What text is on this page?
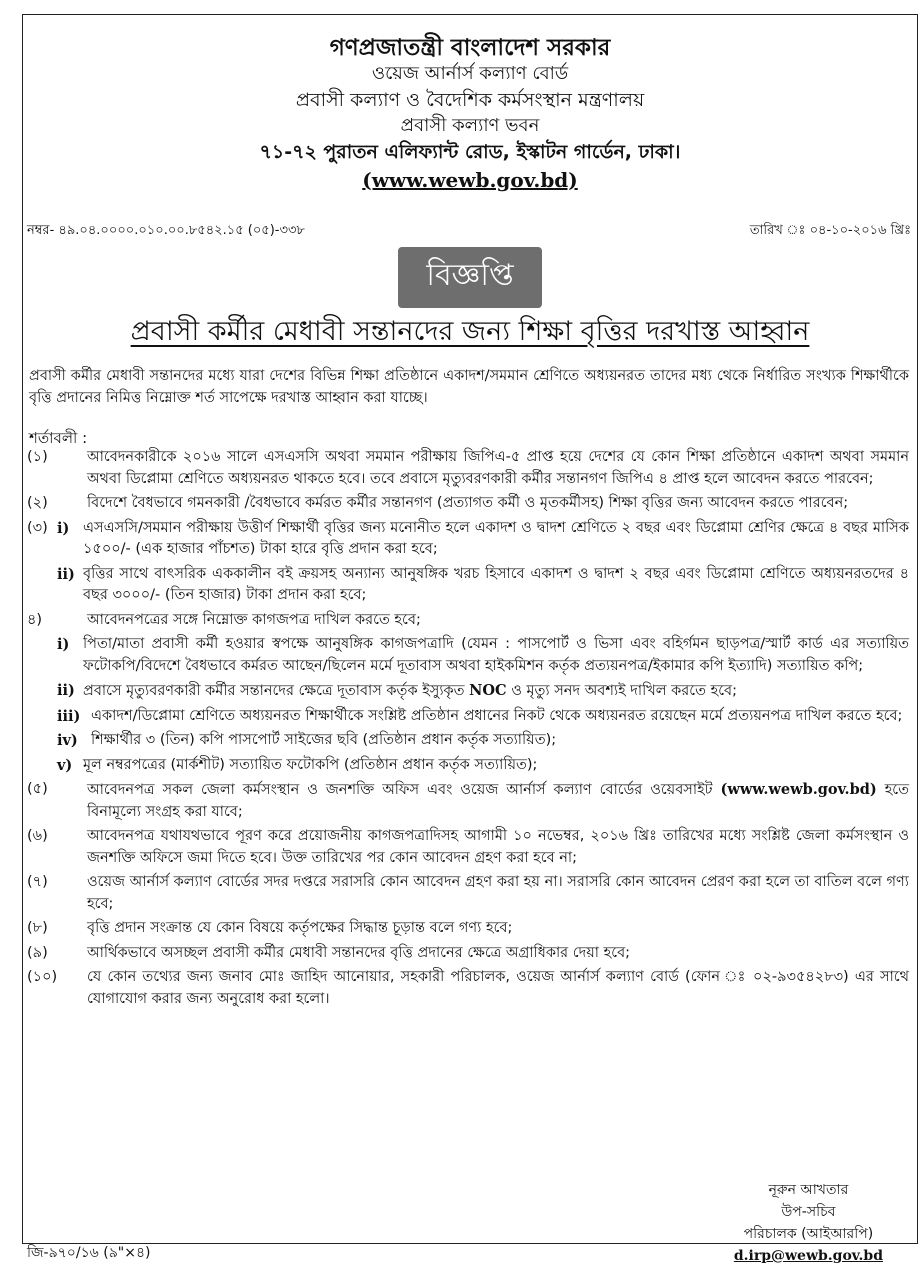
গণপ্রজাতন্ত্রী বাংলাদেশ সরকার
ওয়েজ আর্নার্স কল্যাণ বোর্ড
প্রবাসী কল্যাণ ও বৈদেশিক কর্মসংস্থান মন্ত্রণালয়
প্রবাসী কল্যাণ ভবন
৭১-৭২ পুরাতন এলিফ্যান্ট রোড, ইস্কাটন গার্ডেন, ঢাকা।
(www.wewb.gov.bd)
নম্বর- ৪৯.০৪.০০০০.০১০.০০.৮৫৪২.১৫ (০৫)-৩৩৮	তারিখ ঃ ০৪-১০-২০১৬ খ্রিঃ
বিজ্ঞপ্তি
প্রবাসী কর্মীর মেধাবী সন্তানদের জন্য শিক্ষা বৃত্তির দরখাস্ত আহ্বান
প্রবাসী কর্মীর মেধাবী সন্তানদের মধ্যে যারা দেশের বিভিন্ন শিক্ষা প্রতিষ্ঠানে একাদশ/সমমান শ্রেণিতে অধ্যয়নরত তাদের মধ্য থেকে নির্ধারিত সংখ্যক শিক্ষার্থীকে বৃত্তি প্রদানের নিমিত্ত নিম্নোক্ত শর্ত সাপেক্ষে দরখাস্ত আহ্বান করা যাচ্ছে।
শর্তাবলী :
(১)	আবেদনকারীকে ২০১৬ সালে এসএসসি অথবা সমমান পরীক্ষায় জিপিএ-৫ প্রাপ্ত হয়ে দেশের যে কোন শিক্ষা প্রতিষ্ঠানে একাদশ অথবা সমমান অথবা ডিপ্লোমা শ্রেণিতে অধ্যয়নরত থাকতে হবে। তবে প্রবাসে মৃত্যুবরণকারী কর্মীর সন্তানগণ জিপিএ ৪ প্রাপ্ত হলে আবেদন করতে পারবেন;
(২)	বিদেশে বৈধভাবে গমনকারী /বৈধভাবে কর্মরত কর্মীর সন্তানগণ (প্রত্যাগত কর্মী ও মৃতকর্মীসহ) শিক্ষা বৃত্তির জন্য আবেদন করতে পারবেন;
(৩) i) এসএসসি/সমমান পরীক্ষায় উত্তীর্ণ শিক্ষার্থী বৃত্তির জন্য মনোনীত হলে একাদশ ও দ্বাদশ শ্রেণিতে ২ বছর এবং ডিপ্লোমা শ্রেণির ক্ষেত্রে ৪ বছর মাসিক ১৫০০/- (এক হাজার পাঁচশত) টাকা হারে বৃত্তি প্রদান করা হবে;
ii) বৃত্তির সাথে বাৎসরিক এককালীন বই ক্রয়সহ অন্যান্য আনুষঙ্গিক খরচ হিসাবে একাদশ ও দ্বাদশ ২ বছর এবং ডিপ্লোমা শ্রেণিতে অধ্যয়নরতদের ৪ বছর ৩০০০/- (তিন হাজার) টাকা প্রদান করা হবে;
৪)	আবেদনপত্রের সঙ্গে নিম্নোক্ত কাগজপত্র দাখিল করতে হবে;
i) পিতা/মাতা প্রবাসী কর্মী হওয়ার স্বপক্ষে আনুষঙ্গিক কাগজপত্রাদি (যেমন : পাসপোর্ট ও ভিসা এবং বহির্গমন ছাড়পত্র/স্মার্ট কার্ড এর সত্যায়িত ফটোকপি/বিদেশে বৈধভাবে কর্মরত আছেন/ছিলেন মর্মে দূতাবাস অথবা হাইকমিশন কর্তৃক প্রত্যয়নপত্র/ইকামার কপি ইত্যাদি) সত্যায়িত কপি;
ii) প্রবাসে মৃত্যুবরণকারী কর্মীর সন্তানদের ক্ষেত্রে দূতাবাস কর্তৃক ইস্যুকৃত NOC ও মৃত্যু সনদ অবশ্যই দাখিল করতে হবে;
iii) একাদশ/ডিপ্লোমা শ্রেণিতে অধ্যয়নরত শিক্ষার্থীকে সংশ্লিষ্ট প্রতিষ্ঠান প্রধানের নিকট থেকে অধ্যয়নরত রয়েছেন মর্মে প্রত্যয়নপত্র দাখিল করতে হবে;
iv) শিক্ষার্থীর ৩ (তিন) কপি পাসপোর্ট সাইজের ছবি (প্রতিষ্ঠান প্রধান কর্তৃক সত্যায়িত);
v) মূল নম্বরপত্রের (মার্কশীট) সত্যায়িত ফটোকপি (প্রতিষ্ঠান প্রধান কর্তৃক সত্যায়িত);
(৫)	আবেদনপত্র সকল জেলা কর্মসংস্থান ও জনশক্তি অফিস এবং ওয়েজ আর্নার্স কল্যাণ বোর্ডের ওয়েবসাইট (www.wewb.gov.bd) হতে বিনামূল্যে সংগ্রহ করা যাবে;
(৬)	আবেদনপত্র যথাযথভাবে পূরণ করে প্রয়োজনীয় কাগজপত্রাদিসহ আগামী ১০ নভেম্বর, ২০১৬ খ্রিঃ তারিখের মধ্যে সংশ্লিষ্ট জেলা কর্মসংস্থান ও জনশক্তি অফিসে জমা দিতে হবে। উক্ত তারিখের পর কোন আবেদন গ্রহণ করা হবে না;
(৭)	ওয়েজ আর্নার্স কল্যাণ বোর্ডের সদর দপ্তরে সরাসরি কোন আবেদন গ্রহণ করা হয় না। সরাসরি কোন আবেদন প্রেরণ করা হলে তা বাতিল বলে গণ্য হবে;
(৮)	বৃত্তি প্রদান সংক্রান্ত যে কোন বিষয়ে কর্তৃপক্ষের সিদ্ধান্ত চূড়ান্ত বলে গণ্য হবে;
(৯)	আর্থিকভাবে অসচ্ছল প্রবাসী কর্মীর মেধাবী সন্তানদের বৃত্তি প্রদানের ক্ষেত্রে অগ্রাধিকার দেয়া হবে;
(১০)	যে কোন তথ্যের জন্য জনাব মোঃ জাহিদ আনোয়ার, সহকারী পরিচালক, ওয়েজ আর্নার্স কল্যাণ বোর্ড (ফোন ঃ ০২-৯৩৫৪২৮৩) এর সাথে যোগাযোগ করার জন্য অনুরোধ করা হলো।
নূরুন আখতার
উপ-সচিব
পরিচালক (আইআরপি)
d.irp@wewb.gov.bd
জি-৯৭০/১৬ (৯"×৪)
